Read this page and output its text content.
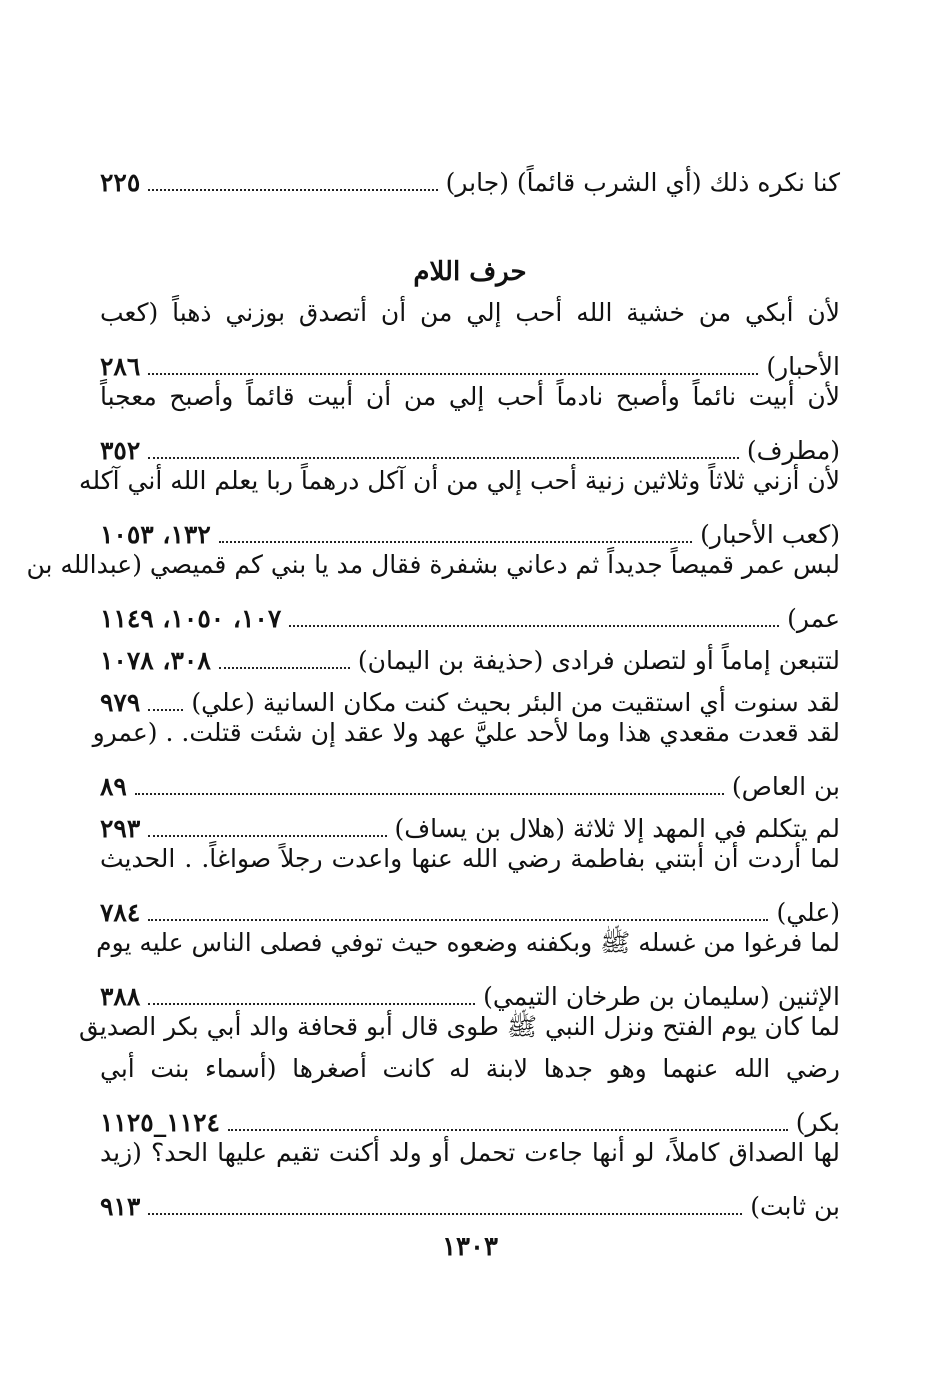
كنا نكره ذلك (أي الشرب قائماً) (جابر)
٢٢٥
حرف اللام
لأن أبكي من خشية الله أحب إلي من أن أتصدق بوزني ذهباً (كعب
الأحبار)
٢٨٦
لأن أبيت نائماً وأصبح نادماً أحب إلي من أن أبيت قائماً وأصبح معجباً
(مطرف)
٣٥٢
لأن أزني ثلاثاً وثلاثين زنية أحب إلي من أن آكل درهماً ربا يعلم الله أني آكله
(كعب الأحبار)
١٣٢، ١٠٥٣
لبس عمر قميصاً جديداً ثم دعاني بشفرة فقال مد يا بني كم قميصي (عبدالله بن
عمر)
١٠٧، ١٠٥٠، ١١٤٩
لتتبعن إماماً أو لتصلن فرادى (حذيفة بن اليمان)
٣٠٨، ١٠٧٨
لقد سنوت أي استقيت من البئر بحيث كنت مكان السانية (علي)
٩٧٩
لقد قعدت مقعدي هذا وما لأحد عليَّ عهد ولا عقد إن شئت قتلت. . (عمرو
بن العاص)
٨٩
لم يتكلم في المهد إلا ثلاثة (هلال بن يساف)
٢٩٣
لما أردت أن أبتني بفاطمة رضي الله عنها واعدت رجلاً صواغاً. . الحديث
(علي)
٧٨٤
لما فرغوا من غسله ﷺ وبكفنه وضعوه حيث توفي فصلى الناس عليه يوم
الإثنين (سليمان بن طرخان التيمي)
٣٨٨
لما كان يوم الفتح ونزل النبي ﷺ طوى قال أبو قحافة والد أبي بكر الصديق
رضي الله عنهما وهو جدها لابنة له كانت أصغرها (أسماء بنت أبي
بكر)
١١٢٤_١١٢٥
لها الصداق كاملاً، لو أنها جاءت تحمل أو ولد أكنت تقيم عليها الحد؟ (زيد
بن ثابت)
٩١٣
١٣٠٣
